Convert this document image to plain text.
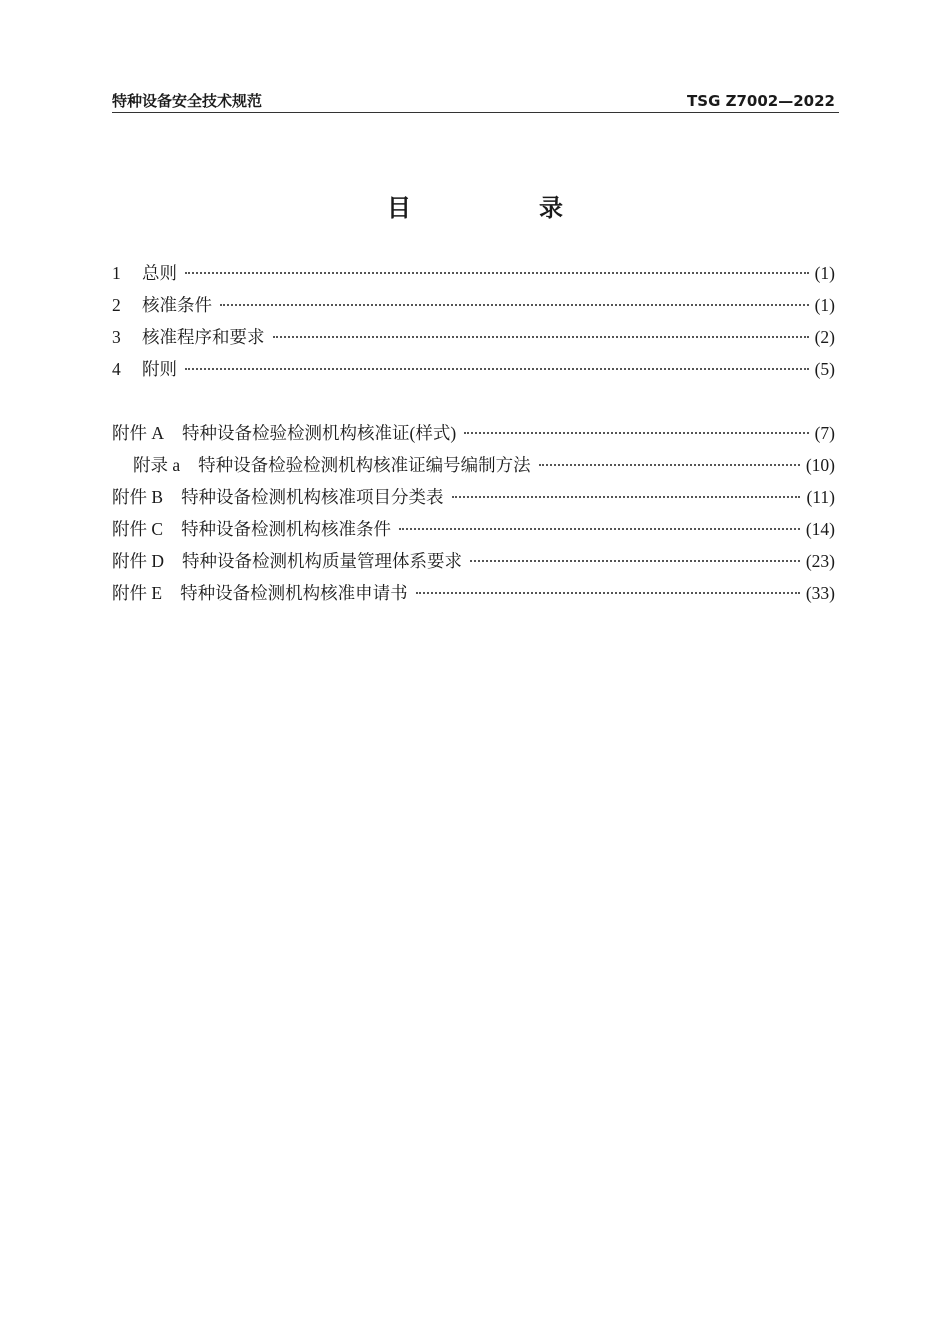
特种设备安全技术规范	TSG Z7002—2022
目　录
1	总则	(1)
2	核准条件	(1)
3	核准程序和要求	(2)
4	附则	(5)
附件 A 特种设备检验检测机构核准证(样式)	(7)
附录 a 特种设备检验检测机构核准证编号编制方法	(10)
附件 B 特种设备检测机构核准项目分类表	(11)
附件 C 特种设备检测机构核准条件	(14)
附件 D 特种设备检测机构质量管理体系要求	(23)
附件 E 特种设备检测机构核准申请书	(33)
